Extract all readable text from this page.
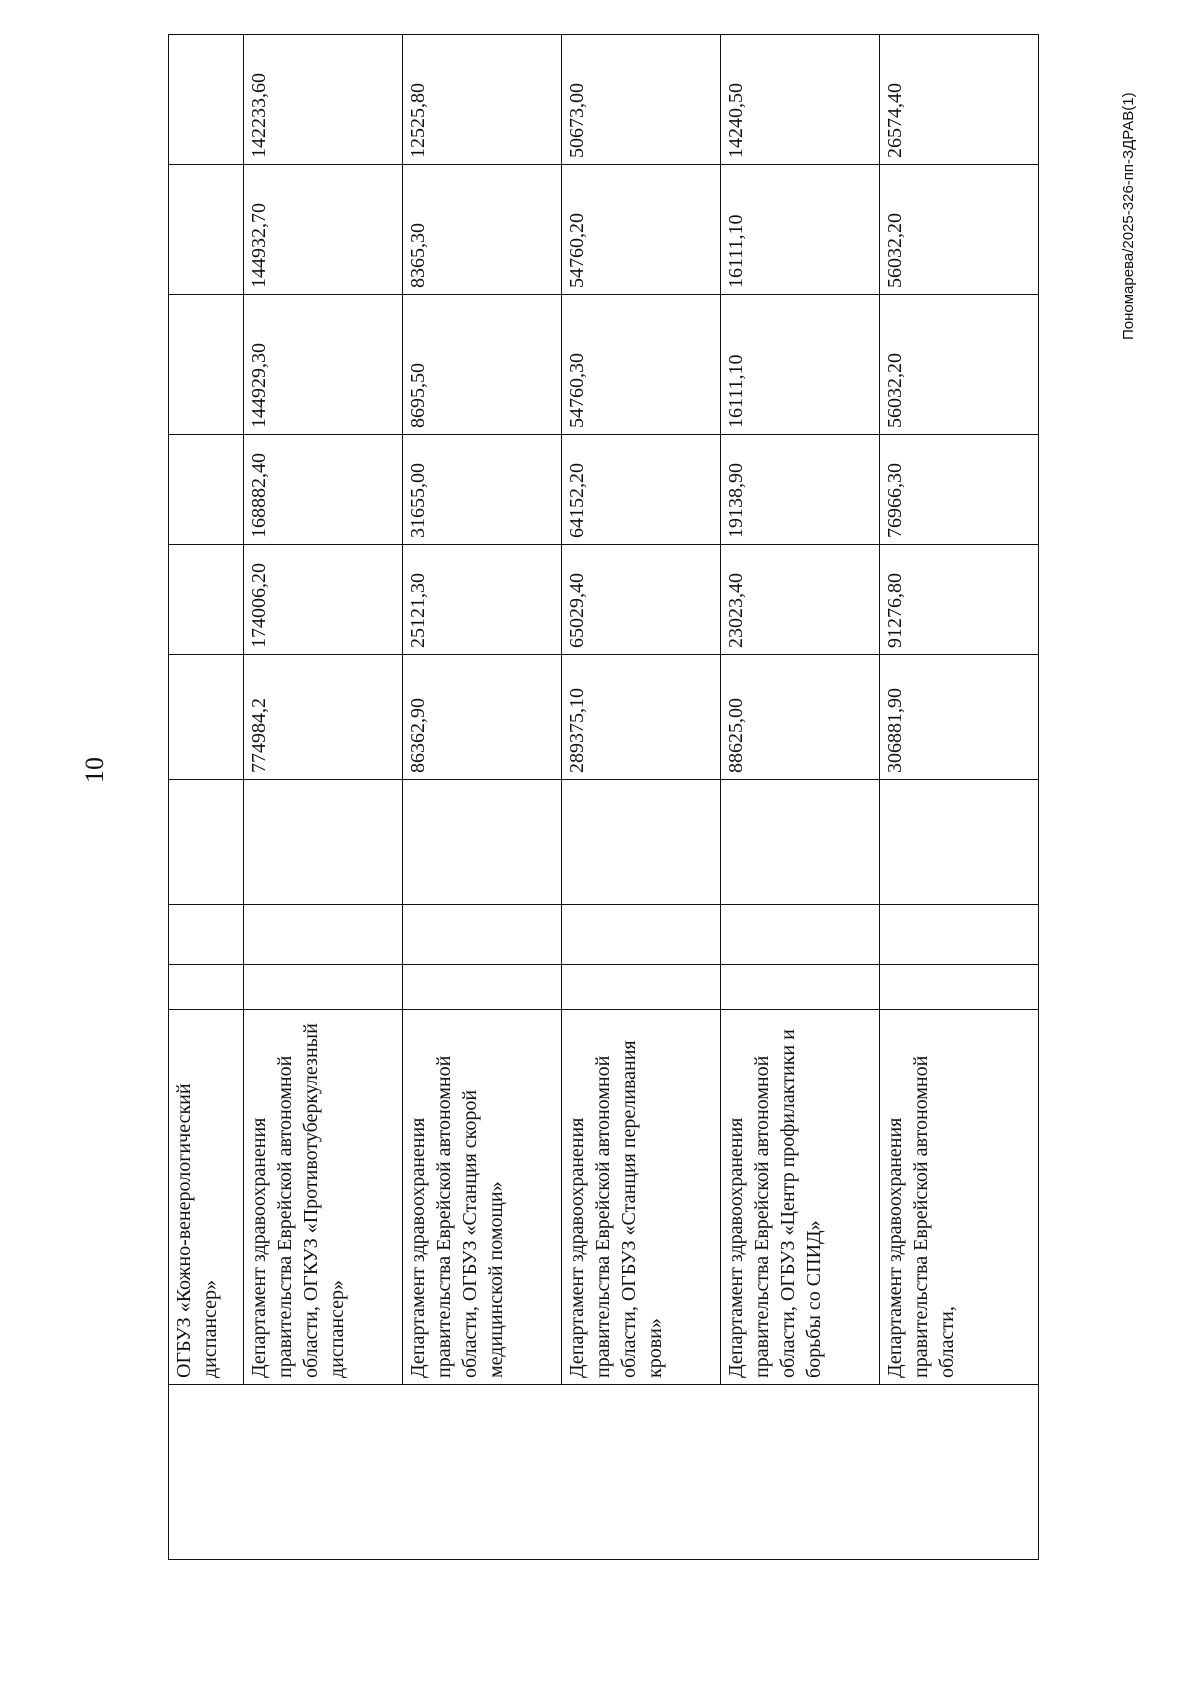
10
	ОГБУЗ «Кожно-венерологический диспансер»									
	Департамент здравоохранения правительства Еврейской автономной области, ОГКУЗ «Противотуберкулезный диспансер»				774984,2	174006,20	168882,40	144929,30	144932,70	142233,60
	Департамент здравоохранения правительства Еврейской автономной области, ОГБУЗ «Станция скорой медицинской помощи»				86362,90	25121,30	31655,00	8695,50	8365,30	12525,80
	Департамент здравоохранения правительства Еврейской автономной области, ОГБУЗ «Станция переливания крови»				289375,10	65029,40	64152,20	54760,30	54760,20	50673,00
	Департамент здравоохранения правительства Еврейской автономной области, ОГБУЗ «Центр профилактики и борьбы со СПИД»				88625,00	23023,40	19138,90	16111,10	16111,10	14240,50
	Департамент здравоохранения правительства Еврейской автономной области,				306881,90	91276,80	76966,30	56032,20	56032,20	26574,40	Пономарева/2025-326-пп-ЗДРАВ(1)
